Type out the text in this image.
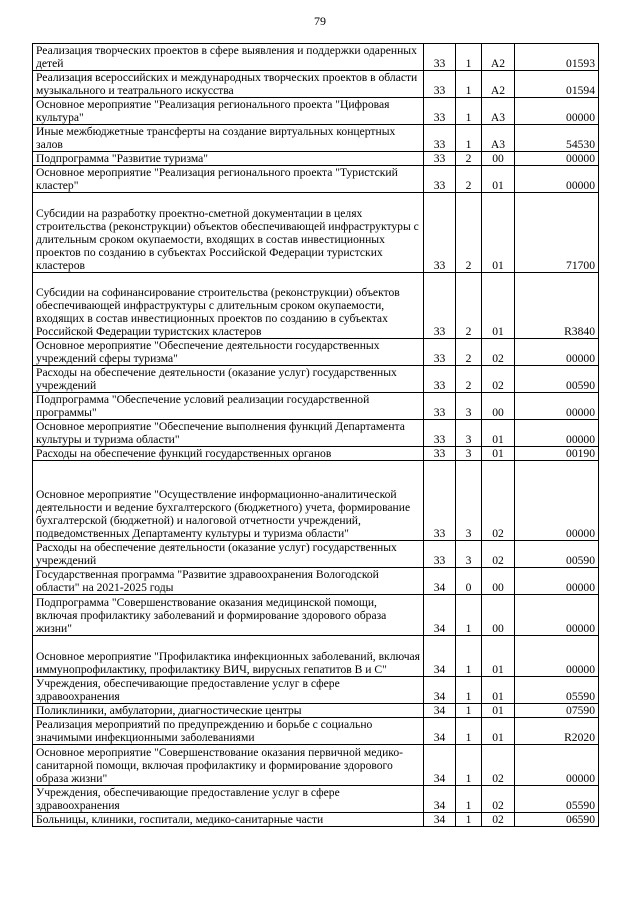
79
Реализация творческих проектов в сфере выявления и поддержки одаренных детей	33	1	А2	01593
Реализация всероссийских и международных творческих проектов в области музыкального и театрального искусства	33	1	А2	01594
Основное мероприятие "Реализация регионального проекта "Цифровая культура"	33	1	А3	00000
Иные межбюджетные трансферты на создание виртуальных концертных залов	33	1	А3	54530
Подпрограмма "Развитие туризма"	33	2	00	00000
Основное мероприятие "Реализация регионального проекта "Туристский кластер"	33	2	01	00000
Субсидии на разработку проектно-сметной документации в целях строительства (реконструкции) объектов обеспечивающей инфраструктуры с длительным сроком окупаемости, входящих в состав инвестиционных проектов по созданию в субъектах Российской Федерации туристских кластеров	33	2	01	71700
Субсидии на софинансирование строительства (реконструкции) объектов обеспечивающей инфраструктуры с длительным сроком окупаемости, входящих в состав инвестиционных проектов по созданию в субъектах Российской Федерации туристских кластеров	33	2	01	R3840
Основное мероприятие "Обеспечение деятельности государственных учреждений сферы туризма"	33	2	02	00000
Расходы на обеспечение деятельности (оказание услуг) государственных учреждений	33	2	02	00590
Подпрограмма "Обеспечение условий реализации государственной программы"	33	3	00	00000
Основное мероприятие "Обеспечение выполнения функций Департамента культуры и туризма области"	33	3	01	00000
Расходы на обеспечение функций государственных органов	33	3	01	00190
Основное мероприятие "Осуществление информационно-аналитической деятельности и ведение бухгалтерского (бюджетного) учета, формирование бухгалтерской (бюджетной) и налоговой отчетности учреждений, подведомственных Департаменту культуры и туризма области"	33	3	02	00000
Расходы на обеспечение деятельности (оказание услуг) государственных учреждений	33	3	02	00590
Государственная программа "Развитие здравоохранения Вологодской области" на 2021-2025 годы	34	0	00	00000
Подпрограмма "Совершенствование оказания медицинской помощи, включая профилактику заболеваний и формирование здорового образа жизни"	34	1	00	00000
Основное мероприятие "Профилактика инфекционных заболеваний, включая иммунопрофилактику, профилактику ВИЧ, вирусных гепатитов В и С"	34	1	01	00000
Учреждения, обеспечивающие предоставление услуг в сфере здравоохранения	34	1	01	05590
Поликлиники, амбулатории, диагностические центры	34	1	01	07590
Реализация мероприятий по предупреждению и борьбе с социально значимыми инфекционными заболеваниями	34	1	01	R2020
Основное мероприятие "Совершенствование оказания первичной медико-санитарной помощи, включая профилактику и формирование здорового образа жизни"	34	1	02	00000
Учреждения, обеспечивающие предоставление услуг в сфере здравоохранения	34	1	02	05590
Больницы, клиники, госпитали, медико-санитарные части	34	1	02	06590
